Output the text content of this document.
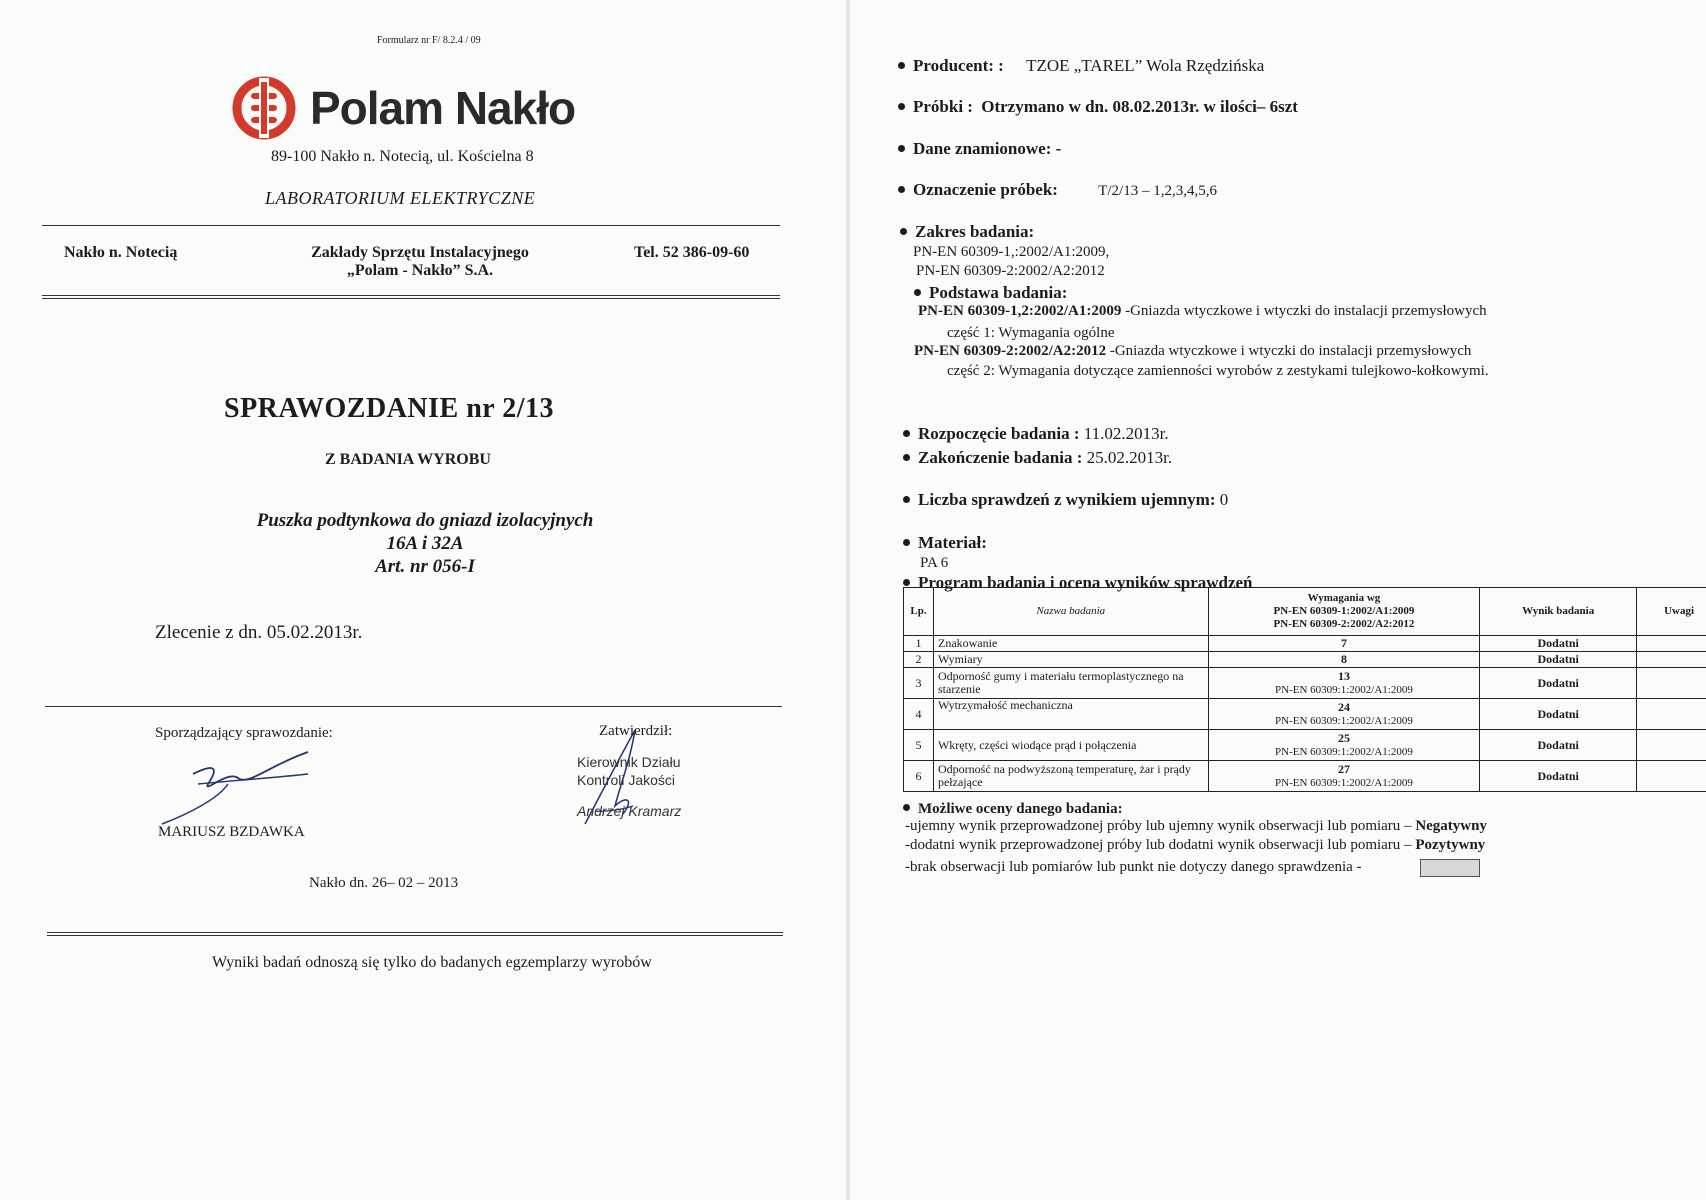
Formularz nr F/ 8.2.4 / 09
Polam Nakło
89-100 Nakło n. Notecią, ul. Kościelna 8
LABORATORIUM ELEKTRYCZNE
Nakło n. Notecią	Zakłady Sprzętu Instalacyjnego
„Polam - Nakło” S.A.
Tel. 52 386-09-60
SPRAWOZDANIE nr 2/13
Z BADANIA WYROBU
Puszka podtynkowa do gniazd izolacyjnych
16A i 32A
Art. nr 056-I
Zlecenie z dn. 05.02.2013r.
Sporządzający sprawozdanie:
MARIUSZ BZDAWKA
Zatwierdził:
Kierownik Działu
Kontroli Jakości
Andrzej Kramarz
Nakło dn. 26– 02 – 2013
Wyniki badań odnoszą się tylko do badanych egzemplarzy wyrobów
Producent: : TZOE „TAREL” Wola Rzędzińska
Próbki : Otrzymano w dn. 08.02.2013r. w ilości– 6szt
Dane znamionowe: -
Oznaczenie próbek:	T/2/13 – 1,2,3,4,5,6
Zakres badania:
PN-EN 60309-1,:2002/A1:2009,
PN-EN 60309-2:2002/A2:2012
Podstawa badania:
PN-EN 60309-1,2:2002/A1:2009 -Gniazda wtyczkowe i wtyczki do instalacji przemysłowych
część 1: Wymagania ogólne
PN-EN 60309-2:2002/A2:2012 -Gniazda wtyczkowe i wtyczki do instalacji przemysłowych
część 2: Wymagania dotyczące zamienności wyrobów z zestykami tulejkowo-kołkowymi.
Rozpoczęcie badania : 11.02.2013r.
Zakończenie badania : 25.02.2013r.
Liczba sprawdzeń z wynikiem ujemnym: 0
Materiał:
PA 6
Program badania i ocena wyników sprawdzeń
Lp.	Nazwa badania	Wymagania wg
PN-EN 60309-1:2002/A1:2009
PN-EN 60309-2:2002/A2:2012	Wynik badania	Uwagi
1	Znakowanie	7	Dodatni	
2	Wymiary	8	Dodatni	
3	Odporność gumy i materiału termoplastycznego na starzenie	13
PN-EN 60309:1:2002/A1:2009	Dodatni	
4	Wytrzymałość mechaniczna	24
PN-EN 60309:1:2002/A1:2009	Dodatni	
5	Wkręty, części wiodące prąd i połączenia	25
PN-EN 60309:1:2002/A1:2009	Dodatni	
6	Odporność na podwyższoną temperaturę, żar i prądy pełzające	27
PN-EN 60309:1:2002/A1:2009	Dodatni	
Możliwe oceny danego badania:
-ujemny wynik przeprowadzonej próby lub ujemny wynik obserwacji lub pomiaru – Negatywny
-dodatni wynik przeprowadzonej próby lub dodatni wynik obserwacji lub pomiaru – Pozytywny
-brak obserwacji lub pomiarów lub punkt nie dotyczy danego sprawdzenia -
